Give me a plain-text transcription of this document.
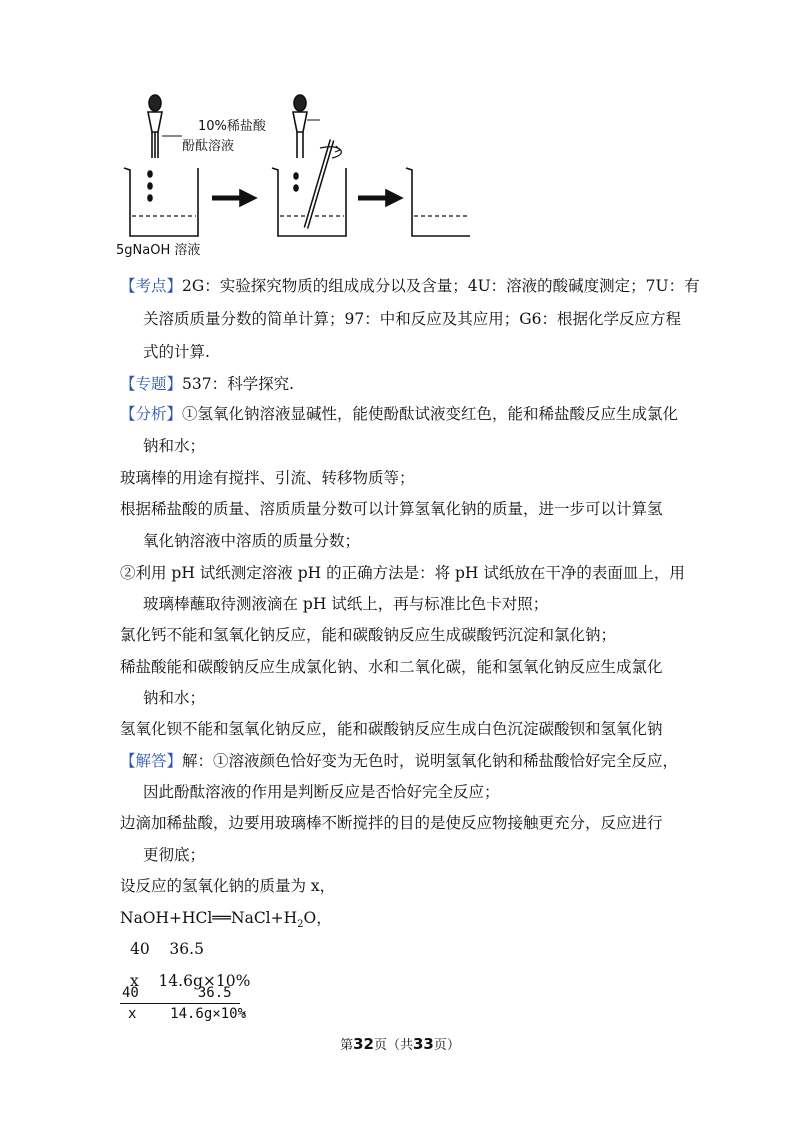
10%稀盐酸
酚酞溶液
5gNaOH 溶液
【考点】2G：实验探究物质的组成成分以及含量；4U：溶液的酸碱度测定；7U：有
关溶质质量分数的简单计算；97：中和反应及其应用；G6：根据化学反应方程
式的计算.
【专题】537：科学探究.
【分析】①氢氧化钠溶液显碱性，能使酚酞试液变红色，能和稀盐酸反应生成氯化
钠和水；
玻璃棒的用途有搅拌、引流、转移物质等；
根据稀盐酸的质量、溶质质量分数可以计算氢氧化钠的质量，进一步可以计算氢
氧化钠溶液中溶质的质量分数；
②利用 pH 试纸测定溶液 pH 的正确方法是：将 pH 试纸放在干净的表面皿上，用
玻璃棒蘸取待测液滴在 pH 试纸上，再与标准比色卡对照；
氯化钙不能和氢氧化钠反应，能和碳酸钠反应生成碳酸钙沉淀和氯化钠；
稀盐酸能和碳酸钠反应生成氯化钠、水和二氧化碳，能和氢氧化钠反应生成氯化
钠和水；
氢氧化钡不能和氢氧化钠反应，能和碳酸钠反应生成白色沉淀碳酸钡和氢氧化钠
【解答】解：①溶液颜色恰好变为无色时，说明氢氧化钠和稀盐酸恰好完全反应，
因此酚酞溶液的作用是判断反应是否恰好完全反应；
边滴加稀盐酸，边要用玻璃棒不断搅拌的目的是使反应物接触更充分，反应进行
更彻底；
设反应的氢氧化钠的质量为 x，
$NaOH+HCl══NaCl+H_2O$，
40    36.5
x    14.6g×10%
40       36.5
x    14.6g×10%
，
第32页（共33页）
